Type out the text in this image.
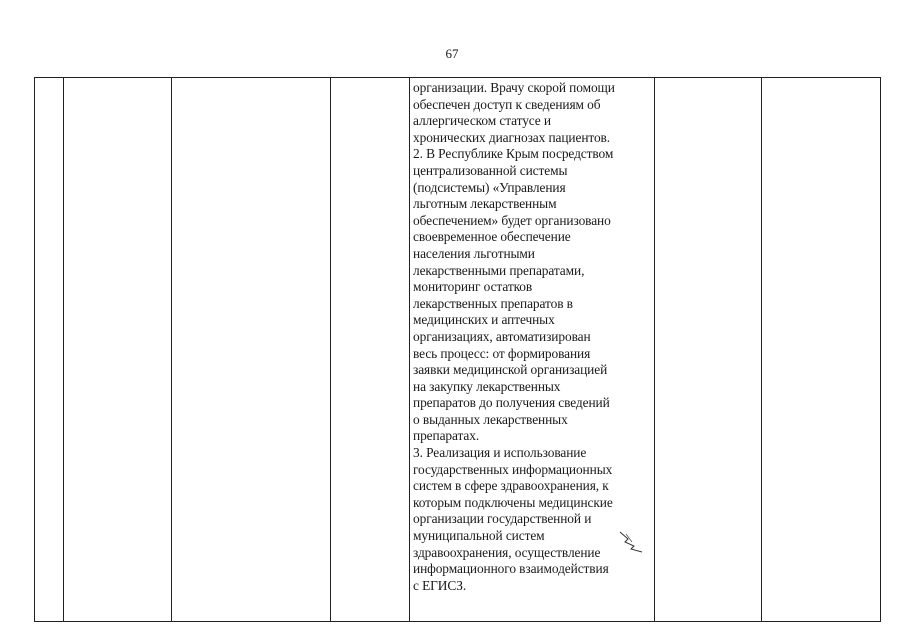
67

организации. Врачу скорой помощи
обеспечен доступ к сведениям об
аллергическом статусе и
хронических диагнозах пациентов.
2. В Республике Крым посредством
централизованной системы
(подсистемы) «Управления
льготным лекарственным
обеспечением» будет организовано
своевременное обеспечение
населения льготными
лекарственными препаратами,
мониторинг остатков
лекарственных препаратов в
медицинских и аптечных
организациях, автоматизирован
весь процесс: от формирования
заявки медицинской организацией
на закупку лекарственных
препаратов до получения сведений
о выданных лекарственных
препаратах.
3. Реализация и использование
государственных информационных
систем в сфере здравоохранения, к
которым подключены медицинские
организации государственной и
муниципальной систем
здравоохранения, осуществление
информационного взаимодействия
с ЕГИСЗ.
